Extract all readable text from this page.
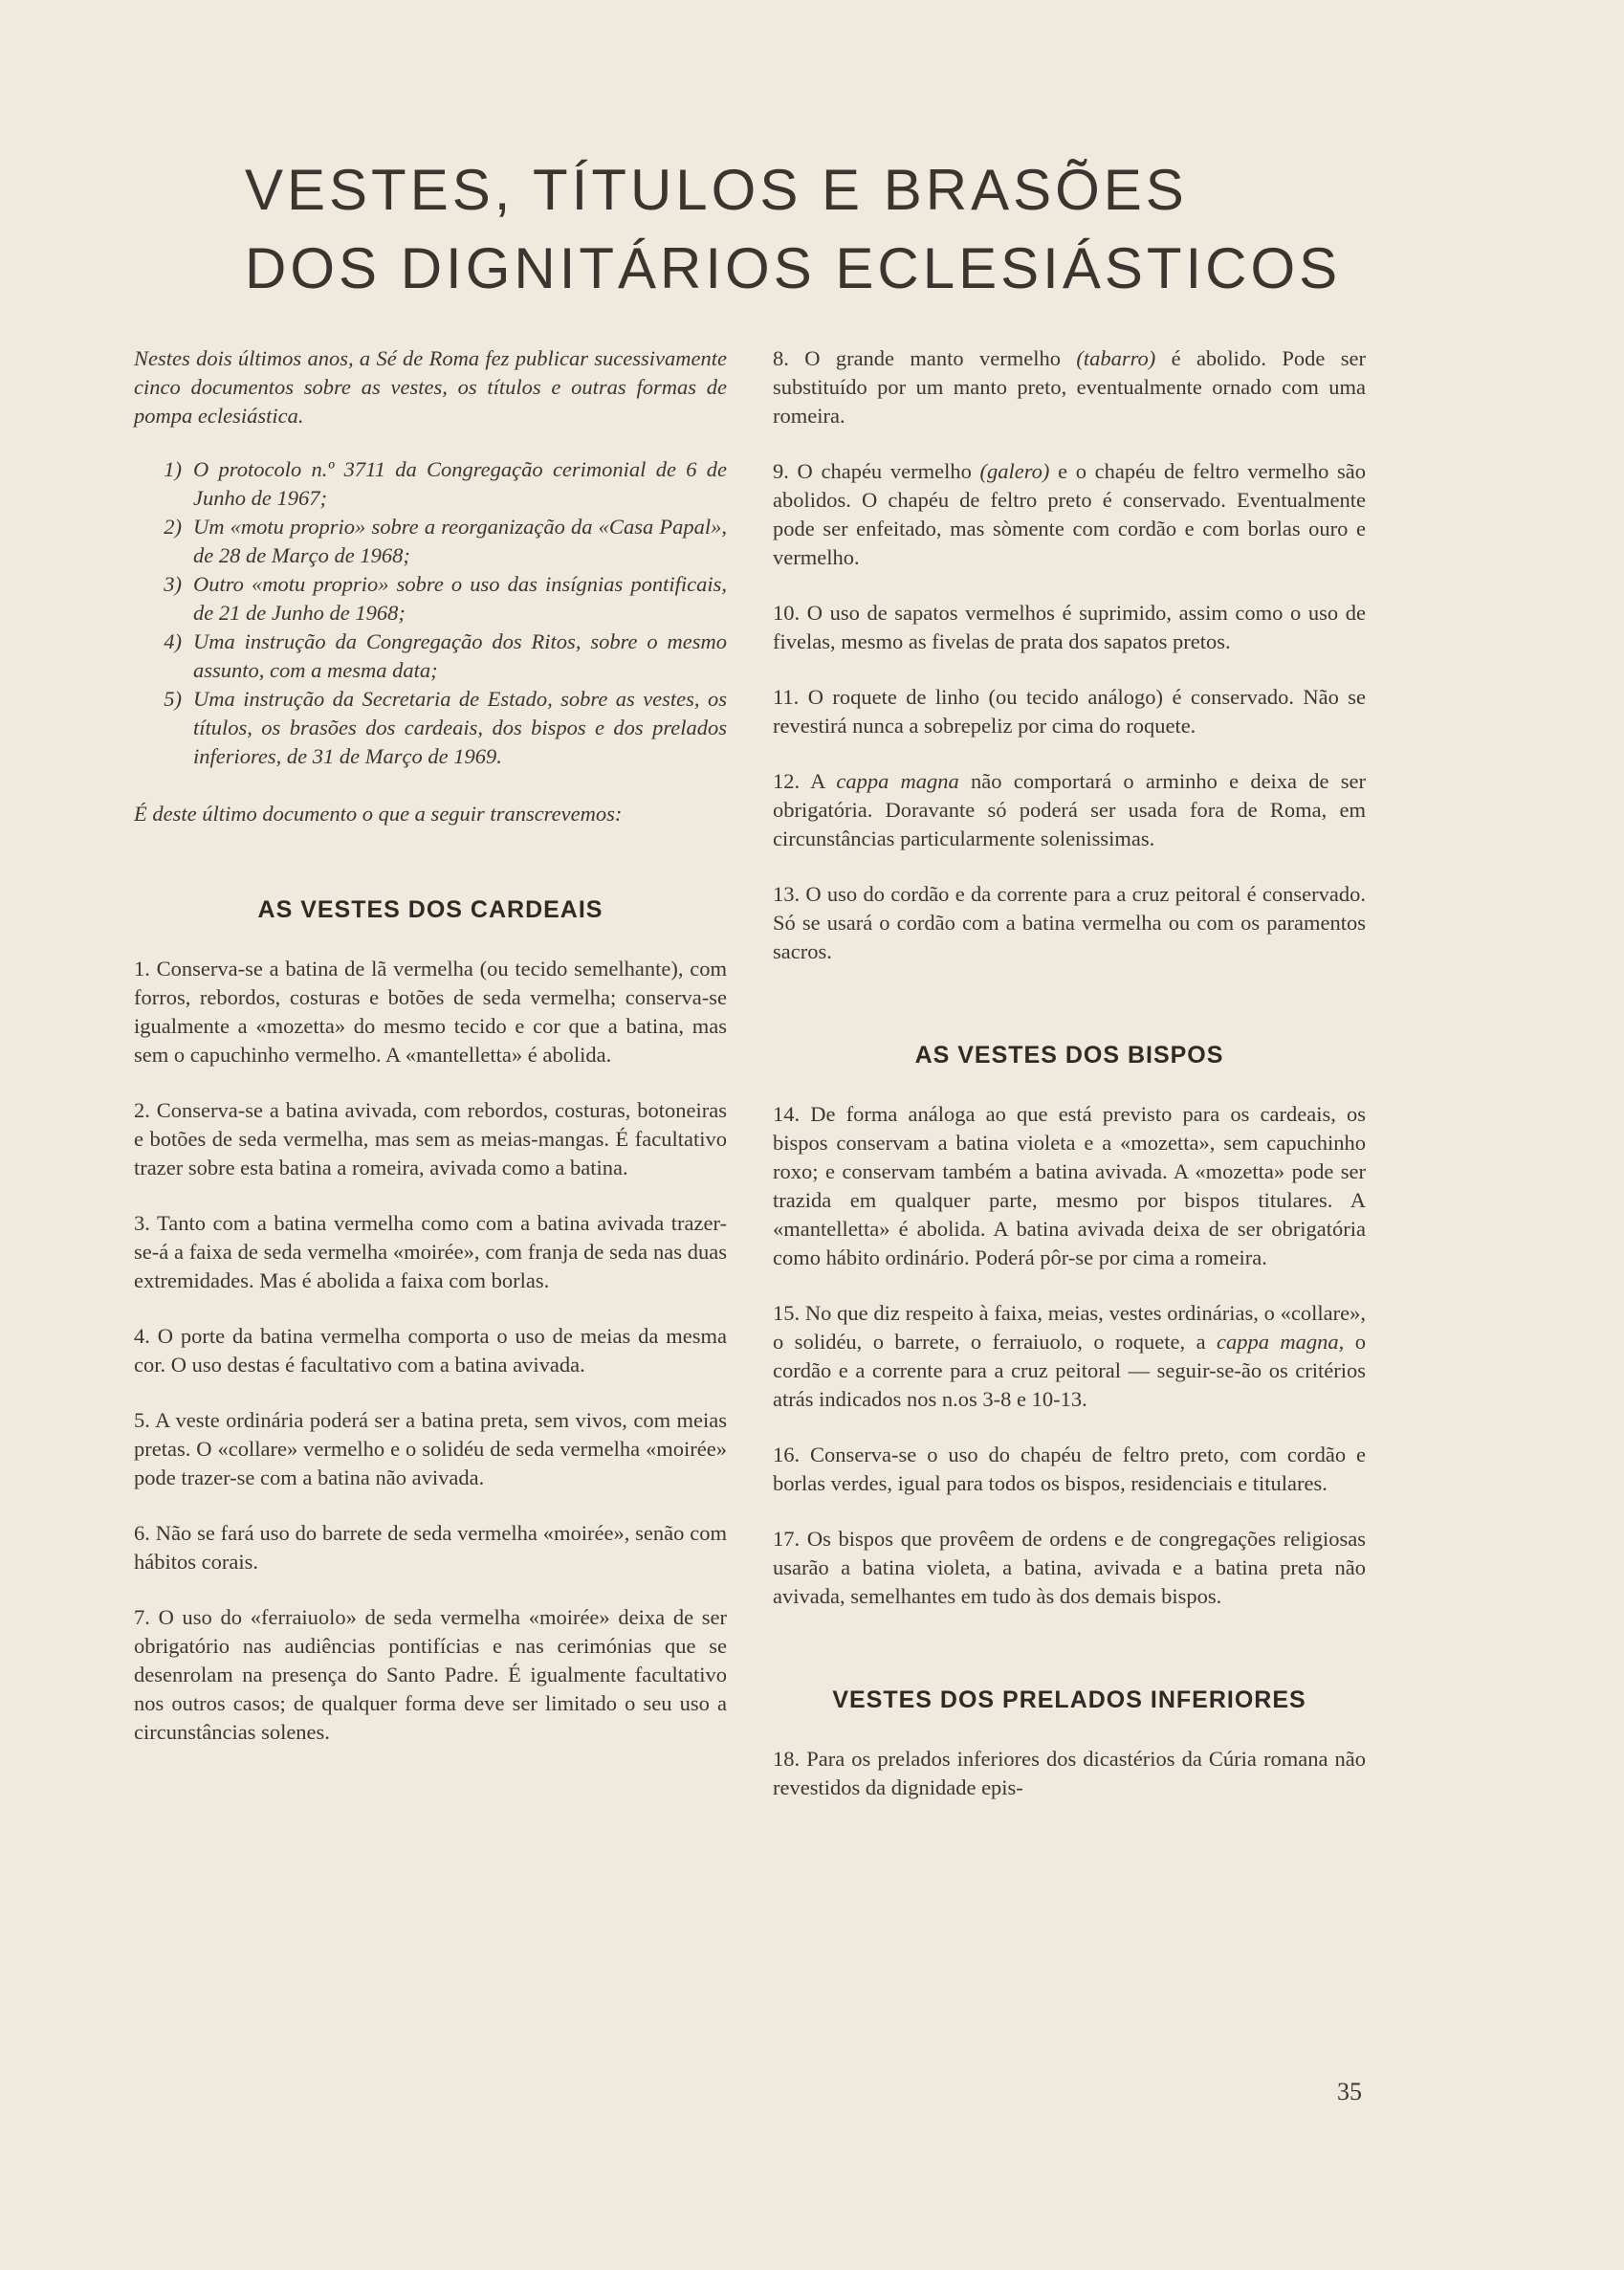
VESTES, TÍTULOS E BRASÕES
DOS DIGNITÁRIOS ECLESIÁSTICOS

Nestes dois últimos anos, a Sé de Roma fez publicar sucessivamente cinco documentos sobre as vestes, os títulos e outras formas de pompa eclesiástica.

1) O protocolo n.º 3711 da Congregação cerimonial de 6 de Junho de 1967;
2) Um «motu proprio» sobre a reorganização da «Casa Papal», de 28 de Março de 1968;
3) Outro «motu proprio» sobre o uso das insígnias pontificais, de 21 de Junho de 1968;
4) Uma instrução da Congregação dos Ritos, sobre o mesmo assunto, com a mesma data;
5) Uma instrução da Secretaria de Estado, sobre as vestes, os títulos, os brasões dos cardeais, dos bispos e dos prelados inferiores, de 31 de Março de 1969.

É deste último documento o que a seguir transcrevemos:

AS VESTES DOS CARDEAIS

1. Conserva-se a batina de lã vermelha (ou tecido semelhante), com forros, rebordos, costuras e botões de seda vermelha; conserva-se igualmente a «mozetta» do mesmo tecido e cor que a batina, mas sem o capuchinho vermelho. A «mantelletta» é abolida.

2. Conserva-se a batina avivada, com rebordos, costuras, botoneiras e botões de seda vermelha, mas sem as meias-mangas. É facultativo trazer sobre esta batina a romeira, avivada como a batina.

3. Tanto com a batina vermelha como com a batina avivada trazer-se-á a faixa de seda vermelha «moirée», com franja de seda nas duas extremidades. Mas é abolida a faixa com borlas.

4. O porte da batina vermelha comporta o uso de meias da mesma cor. O uso destas é facultativo com a batina avivada.

5. A veste ordinária poderá ser a batina preta, sem vivos, com meias pretas. O «collare» vermelho e o solidéu de seda vermelha «moirée» pode trazer-se com a batina não avivada.

6. Não se fará uso do barrete de seda vermelha «moirée», senão com hábitos corais.

7. O uso do «ferraiuolo» de seda vermelha «moirée» deixa de ser obrigatório nas audiências pontifícias e nas cerimónias que se desenrolam na presença do Santo Padre. É igualmente facultativo nos outros casos; de qualquer forma deve ser limitado o seu uso a circunstâncias solenes.

8. O grande manto vermelho (tabarro) é abolido. Pode ser substituído por um manto preto, eventualmente ornado com uma romeira.

9. O chapéu vermelho (galero) e o chapéu de feltro vermelho são abolidos. O chapéu de feltro preto é conservado. Eventualmente pode ser enfeitado, mas sòmente com cordão e com borlas ouro e vermelho.

10. O uso de sapatos vermelhos é suprimido, assim como o uso de fivelas, mesmo as fivelas de prata dos sapatos pretos.

11. O roquete de linho (ou tecido análogo) é conservado. Não se revestirá nunca a sobrepeliz por cima do roquete.

12. A cappa magna não comportará o arminho e deixa de ser obrigatória. Doravante só poderá ser usada fora de Roma, em circunstâncias particularmente solenissimas.

13. O uso do cordão e da corrente para a cruz peitoral é conservado. Só se usará o cordão com a batina vermelha ou com os paramentos sacros.

AS VESTES DOS BISPOS

14. De forma análoga ao que está previsto para os cardeais, os bispos conservam a batina violeta e a «mozetta», sem capuchinho roxo; e conservam também a batina avivada. A «mozetta» pode ser trazida em qualquer parte, mesmo por bispos titulares. A «mantelletta» é abolida. A batina avivada deixa de ser obrigatória como hábito ordinário. Poderá pôr-se por cima a romeira.

15. No que diz respeito à faixa, meias, vestes ordinárias, o «collare», o solidéu, o barrete, o ferraiuolo, o roquete, a cappa magna, o cordão e a corrente para a cruz peitoral — seguir-se-ão os critérios atrás indicados nos n.os 3-8 e 10-13.

16. Conserva-se o uso do chapéu de feltro preto, com cordão e borlas verdes, igual para todos os bispos, residenciais e titulares.

17. Os bispos que provêem de ordens e de congregações religiosas usarão a batina violeta, a batina, avivada e a batina preta não avivada, semelhantes em tudo às dos demais bispos.

VESTES DOS PRELADOS INFERIORES

18. Para os prelados inferiores dos dicastérios da Cúria romana não revestidos da dignidade epis-

35
